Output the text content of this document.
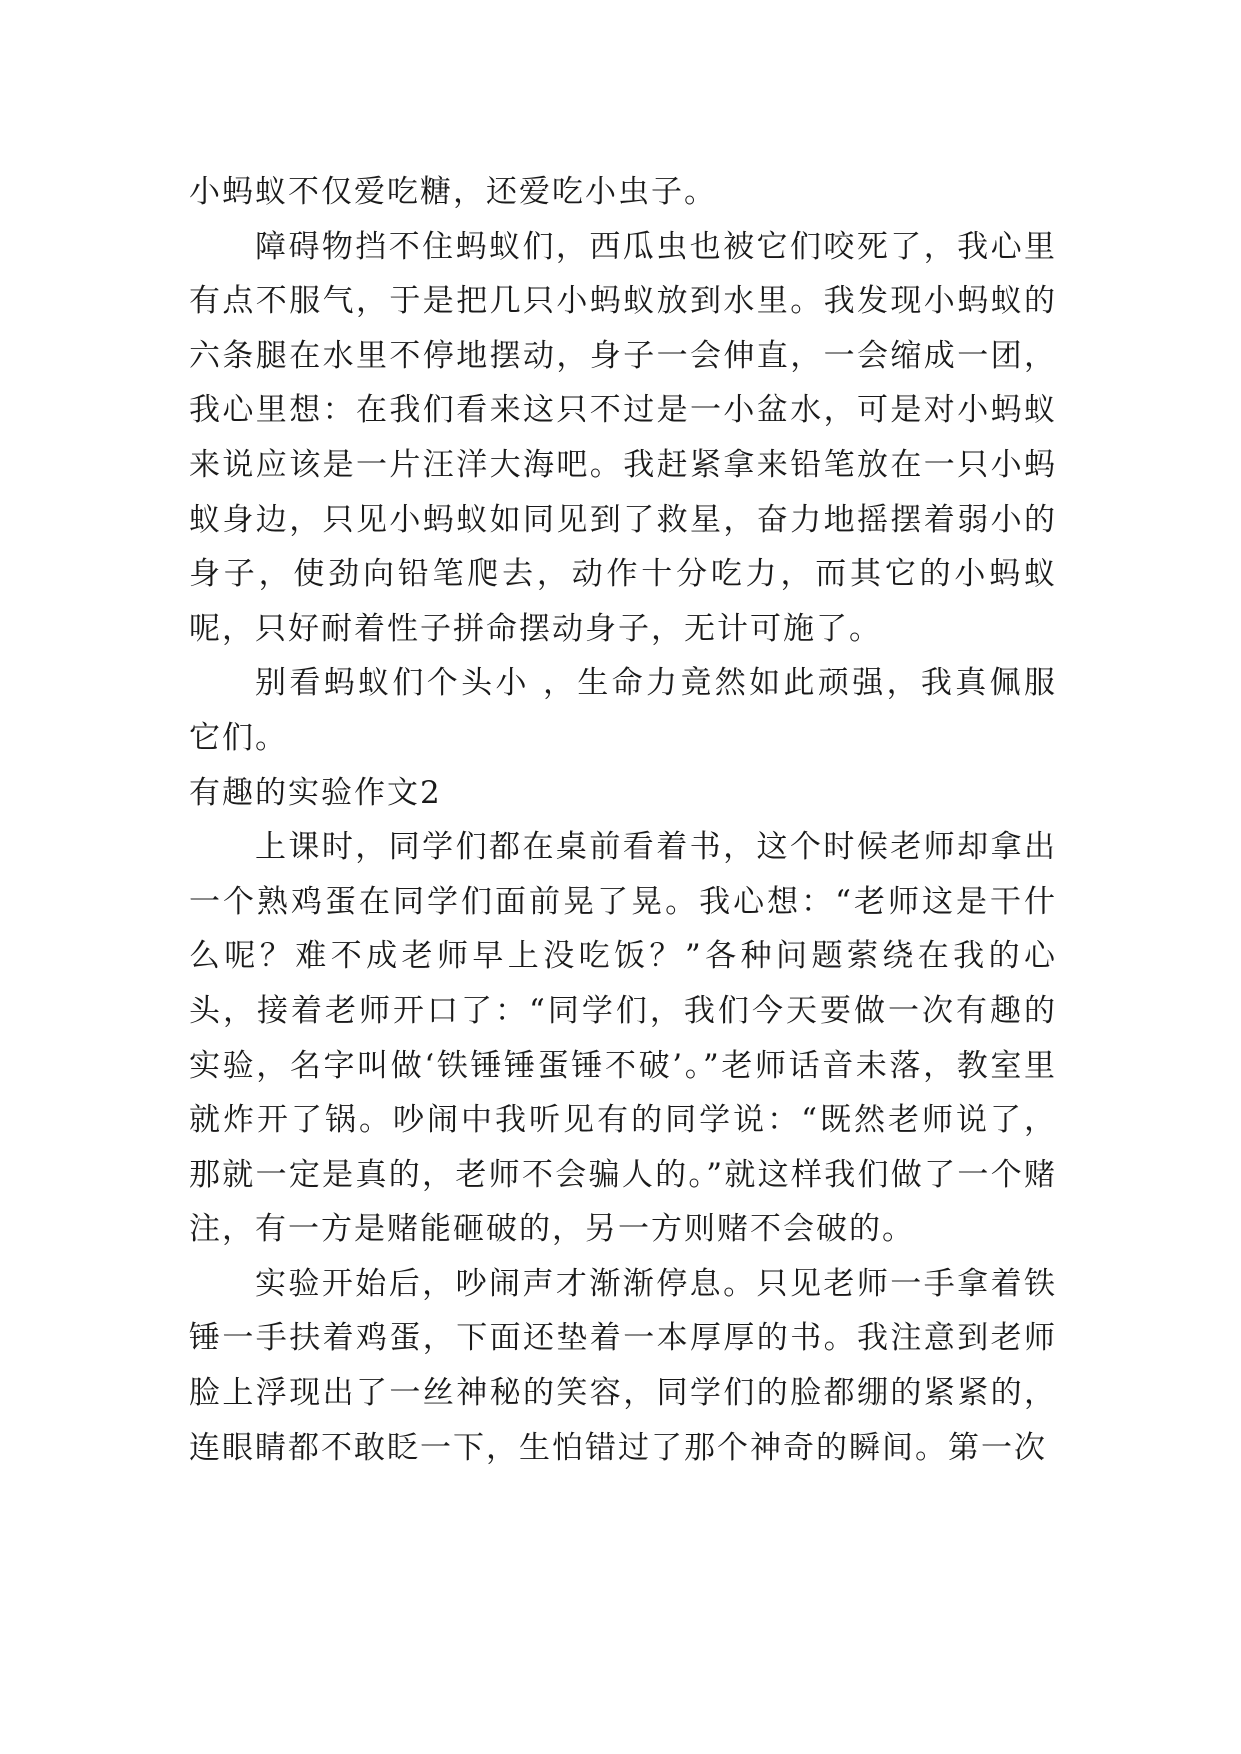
小蚂蚁不仅爱吃糖，还爱吃小虫子。

障碍物挡不住蚂蚁们，西瓜虫也被它们咬死了，我心里有点不服气，于是把几只小蚂蚁放到水里。我发现小蚂蚁的六条腿在水里不停地摆动，身子一会伸直，一会缩成一团，我心里想：在我们看来这只不过是一小盆水，可是对小蚂蚁来说应该是一片汪洋大海吧。我赶紧拿来铅笔放在一只小蚂蚁身边，只见小蚂蚁如同见到了救星，奋力地摇摆着弱小的身子，使劲向铅笔爬去，动作十分吃力，而其它的小蚂蚁呢，只好耐着性子拼命摆动身子，无计可施了。

别看蚂蚁们个头小 ，生命力竟然如此顽强，我真佩服它们。

有趣的实验作文2

上课时，同学们都在桌前看着书，这个时候老师却拿出一个熟鸡蛋在同学们面前晃了晃。我心想：“老师这是干什么呢？难不成老师早上没吃饭？”各种问题萦绕在我的心头，接着老师开口了：“同学们，我们今天要做一次有趣的实验，名字叫做‘铁锤锤蛋锤不破’。”老师话音未落，教室里就炸开了锅。吵闹中我听见有的同学说：“既然老师说了，那就一定是真的，老师不会骗人的。”就这样我们做了一个赌注，有一方是赌能砸破的，另一方则赌不会破的。

实验开始后，吵闹声才渐渐停息。只见老师一手拿着铁锤一手扶着鸡蛋，下面还垫着一本厚厚的书。我注意到老师脸上浮现出了一丝神秘的笑容，同学们的脸都绷的紧紧的，连眼睛都不敢眨一下，生怕错过了那个神奇的瞬间。第一次
